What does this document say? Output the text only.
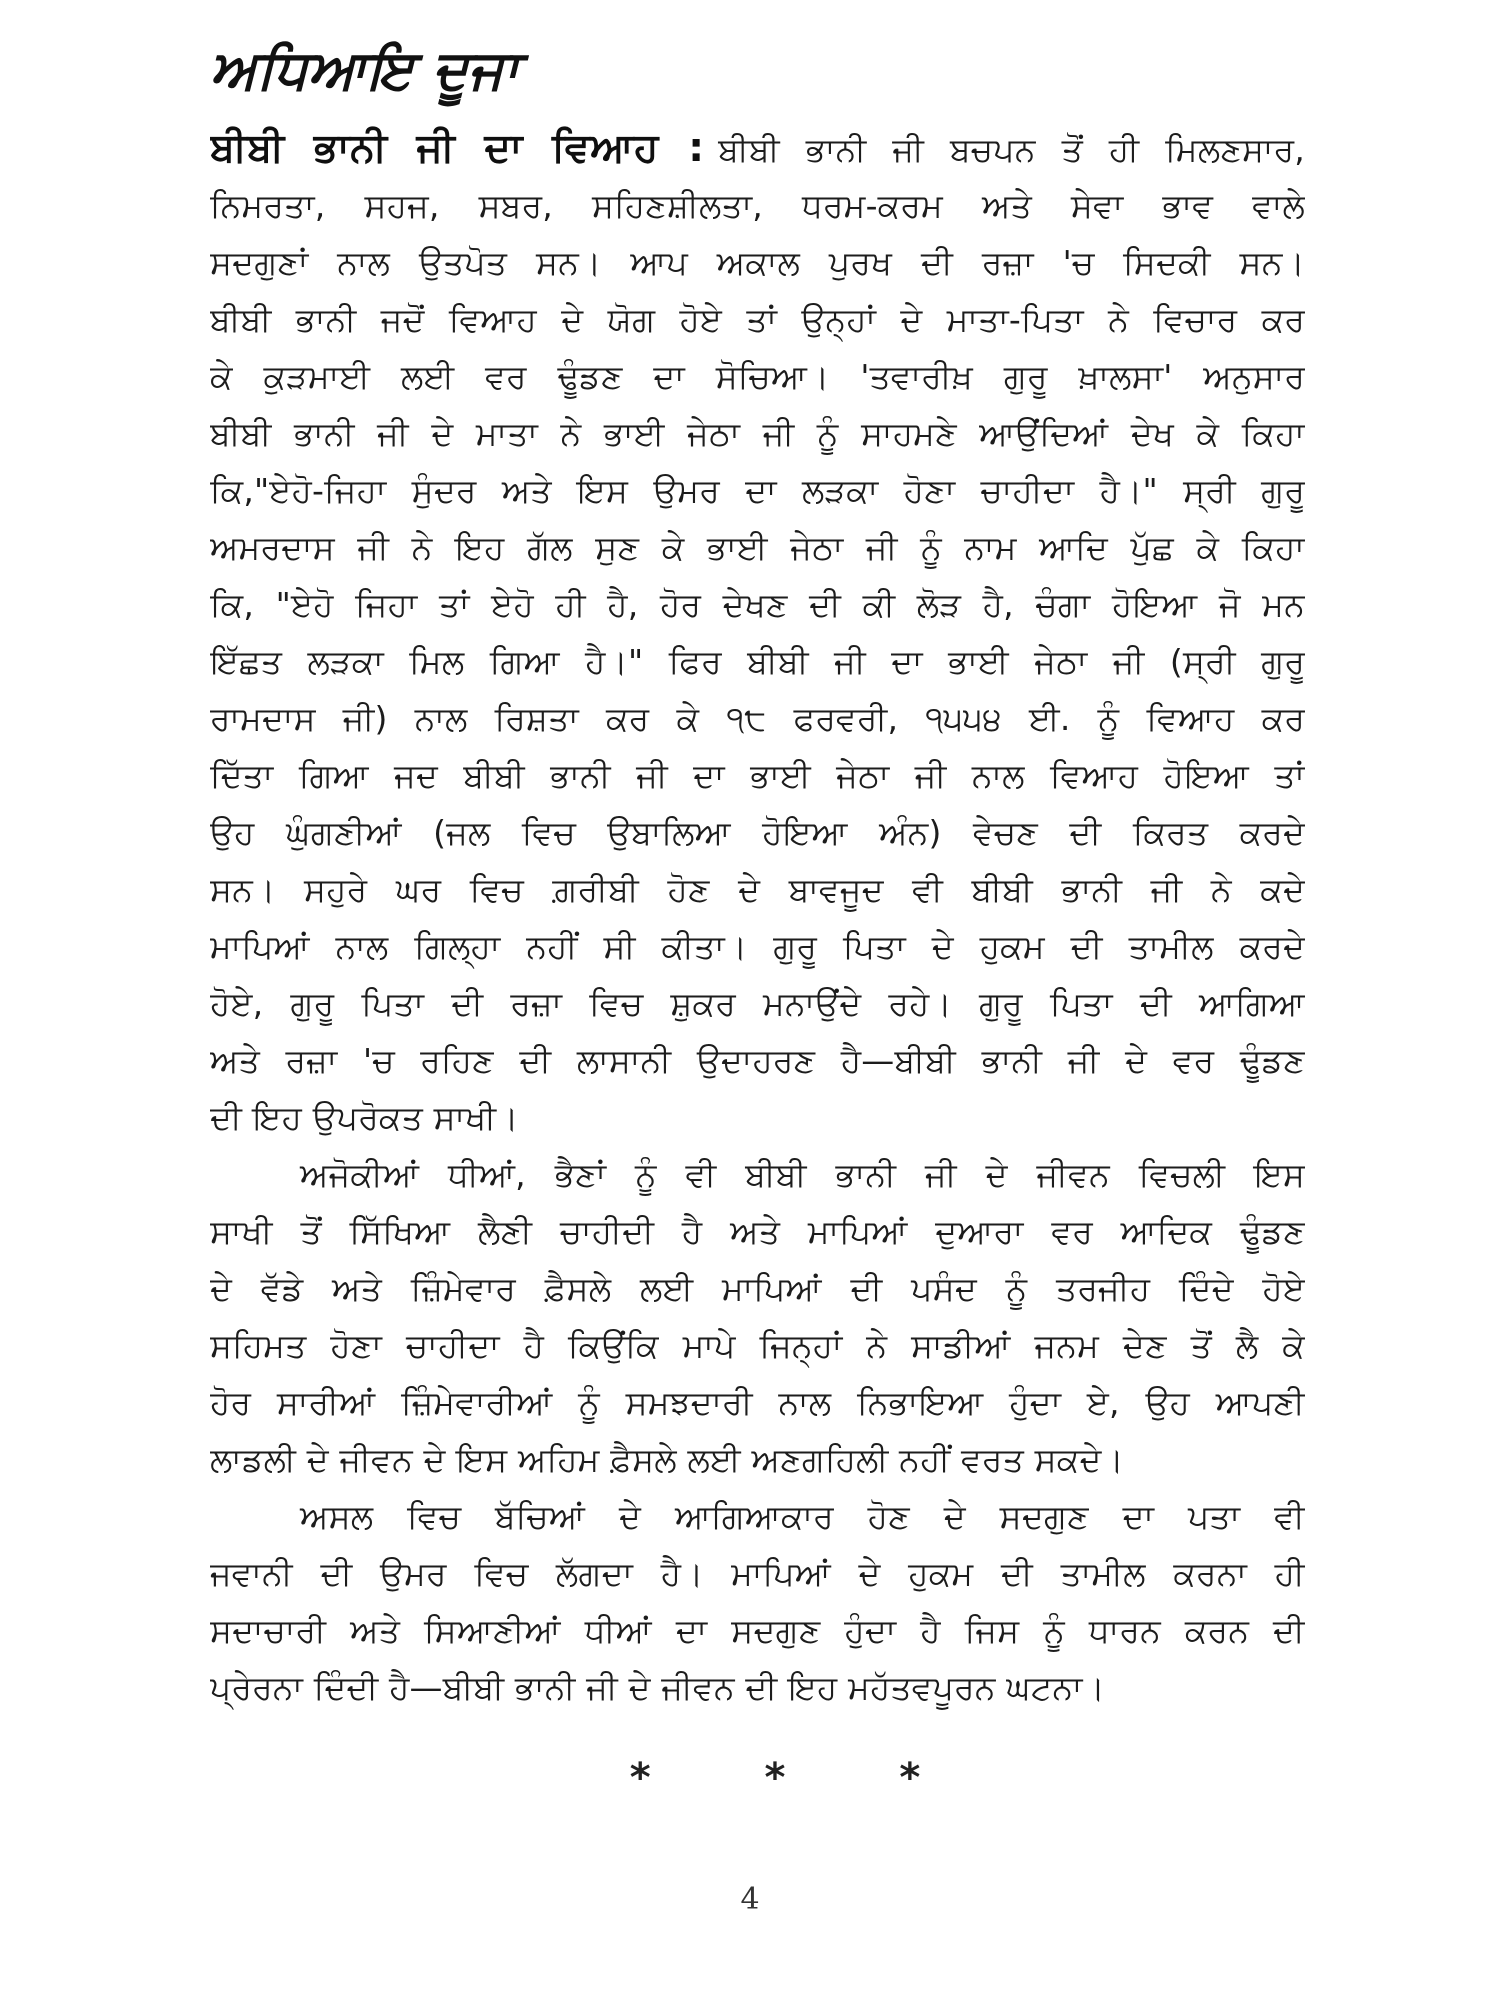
ਅਧਿਆਇ ਦੂਜਾ
ਬੀਬੀ ਭਾਨੀ ਜੀ ਦਾ ਵਿਆਹ : ਬੀਬੀ ਭਾਨੀ ਜੀ ਬਚਪਨ ਤੋਂ ਹੀ ਮਿਲਣਸਾਰ,
ਨਿਮਰਤਾ, ਸਹਜ, ਸਬਰ, ਸਹਿਣਸ਼ੀਲਤਾ, ਧਰਮ-ਕਰਮ ਅਤੇ ਸੇਵਾ ਭਾਵ ਵਾਲੇ
ਸਦਗੁਣਾਂ ਨਾਲ ਉਤਪੋਤ ਸਨ। ਆਪ ਅਕਾਲ ਪੁਰਖ ਦੀ ਰਜ਼ਾ 'ਚ ਸਿਦਕੀ ਸਨ।
ਬੀਬੀ ਭਾਨੀ ਜਦੋਂ ਵਿਆਹ ਦੇ ਯੋਗ ਹੋਏ ਤਾਂ ਉਨ੍ਹਾਂ ਦੇ ਮਾਤਾ-ਪਿਤਾ ਨੇ ਵਿਚਾਰ ਕਰ
ਕੇ ਕੁੜਮਾਈ ਲਈ ਵਰ ਢੂੰਡਣ ਦਾ ਸੋਚਿਆ। 'ਤਵਾਰੀਖ਼ ਗੁਰੂ ਖ਼ਾਲਸਾ' ਅਨੁਸਾਰ
ਬੀਬੀ ਭਾਨੀ ਜੀ ਦੇ ਮਾਤਾ ਨੇ ਭਾਈ ਜੇਠਾ ਜੀ ਨੂੰ ਸਾਹਮਣੇ ਆਉਂਦਿਆਂ ਦੇਖ ਕੇ ਕਿਹਾ
ਕਿ,"ਏਹੋ-ਜਿਹਾ ਸੁੰਦਰ ਅਤੇ ਇਸ ਉਮਰ ਦਾ ਲੜਕਾ ਹੋਣਾ ਚਾਹੀਦਾ ਹੈ।" ਸ੍ਰੀ ਗੁਰੂ
ਅਮਰਦਾਸ ਜੀ ਨੇ ਇਹ ਗੱਲ ਸੁਣ ਕੇ ਭਾਈ ਜੇਠਾ ਜੀ ਨੂੰ ਨਾਮ ਆਦਿ ਪੁੱਛ ਕੇ ਕਿਹਾ
ਕਿ, "ਏਹੋ ਜਿਹਾ ਤਾਂ ਏਹੋ ਹੀ ਹੈ, ਹੋਰ ਦੇਖਣ ਦੀ ਕੀ ਲੋੜ ਹੈ, ਚੰਗਾ ਹੋਇਆ ਜੋ ਮਨ
ਇੱਛਤ ਲੜਕਾ ਮਿਲ ਗਿਆ ਹੈ।" ਫਿਰ ਬੀਬੀ ਜੀ ਦਾ ਭਾਈ ਜੇਠਾ ਜੀ (ਸ੍ਰੀ ਗੁਰੂ
ਰਾਮਦਾਸ ਜੀ) ਨਾਲ ਰਿਸ਼ਤਾ ਕਰ ਕੇ ੧੮ ਫਰਵਰੀ, ੧੫੫੪ ਈ. ਨੂੰ ਵਿਆਹ ਕਰ
ਦਿੱਤਾ ਗਿਆ ਜਦ ਬੀਬੀ ਭਾਨੀ ਜੀ ਦਾ ਭਾਈ ਜੇਠਾ ਜੀ ਨਾਲ ਵਿਆਹ ਹੋਇਆ ਤਾਂ
ਉਹ ਘੁੰਗਣੀਆਂ (ਜਲ ਵਿਚ ਉਬਾਲਿਆ ਹੋਇਆ ਅੰਨ) ਵੇਚਣ ਦੀ ਕਿਰਤ ਕਰਦੇ
ਸਨ। ਸਹੁਰੇ ਘਰ ਵਿਚ ਗ਼ਰੀਬੀ ਹੋਣ ਦੇ ਬਾਵਜੂਦ ਵੀ ਬੀਬੀ ਭਾਨੀ ਜੀ ਨੇ ਕਦੇ
ਮਾਪਿਆਂ ਨਾਲ ਗਿਲ੍ਹਾ ਨਹੀਂ ਸੀ ਕੀਤਾ। ਗੁਰੂ ਪਿਤਾ ਦੇ ਹੁਕਮ ਦੀ ਤਾਮੀਲ ਕਰਦੇ
ਹੋਏ, ਗੁਰੂ ਪਿਤਾ ਦੀ ਰਜ਼ਾ ਵਿਚ ਸ਼ੁਕਰ ਮਨਾਉਂਦੇ ਰਹੇ। ਗੁਰੂ ਪਿਤਾ ਦੀ ਆਗਿਆ
ਅਤੇ ਰਜ਼ਾ 'ਚ ਰਹਿਣ ਦੀ ਲਾਸਾਨੀ ਉਦਾਹਰਣ ਹੈ—ਬੀਬੀ ਭਾਨੀ ਜੀ ਦੇ ਵਰ ਢੂੰਡਣ
ਦੀ ਇਹ ਉਪਰੋਕਤ ਸਾਖੀ।
ਅਜੋਕੀਆਂ ਧੀਆਂ, ਭੈਣਾਂ ਨੂੰ ਵੀ ਬੀਬੀ ਭਾਨੀ ਜੀ ਦੇ ਜੀਵਨ ਵਿਚਲੀ ਇਸ
ਸਾਖੀ ਤੋਂ ਸਿੱਖਿਆ ਲੈਣੀ ਚਾਹੀਦੀ ਹੈ ਅਤੇ ਮਾਪਿਆਂ ਦੁਆਰਾ ਵਰ ਆਦਿਕ ਢੂੰਡਣ
ਦੇ ਵੱਡੇ ਅਤੇ ਜ਼ਿੰਮੇਵਾਰ ਫ਼ੈਸਲੇ ਲਈ ਮਾਪਿਆਂ ਦੀ ਪਸੰਦ ਨੂੰ ਤਰਜੀਹ ਦਿੰਦੇ ਹੋਏ
ਸਹਿਮਤ ਹੋਣਾ ਚਾਹੀਦਾ ਹੈ ਕਿਉਂਕਿ ਮਾਪੇ ਜਿਨ੍ਹਾਂ ਨੇ ਸਾਡੀਆਂ ਜਨਮ ਦੇਣ ਤੋਂ ਲੈ ਕੇ
ਹੋਰ ਸਾਰੀਆਂ ਜ਼ਿੰਮੇਵਾਰੀਆਂ ਨੂੰ ਸਮਝਦਾਰੀ ਨਾਲ ਨਿਭਾਇਆ ਹੁੰਦਾ ਏ, ਉਹ ਆਪਣੀ
ਲਾਡਲੀ ਦੇ ਜੀਵਨ ਦੇ ਇਸ ਅਹਿਮ ਫ਼ੈਸਲੇ ਲਈ ਅਣਗਹਿਲੀ ਨਹੀਂ ਵਰਤ ਸਕਦੇ।
ਅਸਲ ਵਿਚ ਬੱਚਿਆਂ ਦੇ ਆਗਿਆਕਾਰ ਹੋਣ ਦੇ ਸਦਗੁਣ ਦਾ ਪਤਾ ਵੀ
ਜਵਾਨੀ ਦੀ ਉਮਰ ਵਿਚ ਲੱਗਦਾ ਹੈ। ਮਾਪਿਆਂ ਦੇ ਹੁਕਮ ਦੀ ਤਾਮੀਲ ਕਰਨਾ ਹੀ
ਸਦਾਚਾਰੀ ਅਤੇ ਸਿਆਣੀਆਂ ਧੀਆਂ ਦਾ ਸਦਗੁਣ ਹੁੰਦਾ ਹੈ ਜਿਸ ਨੂੰ ਧਾਰਨ ਕਰਨ ਦੀ
ਪ੍ਰੇਰਨਾ ਦਿੰਦੀ ਹੈ—ਬੀਬੀ ਭਾਨੀ ਜੀ ਦੇ ਜੀਵਨ ਦੀ ਇਹ ਮਹੱਤਵਪੂਰਨ ਘਟਨਾ।
* * *
4
